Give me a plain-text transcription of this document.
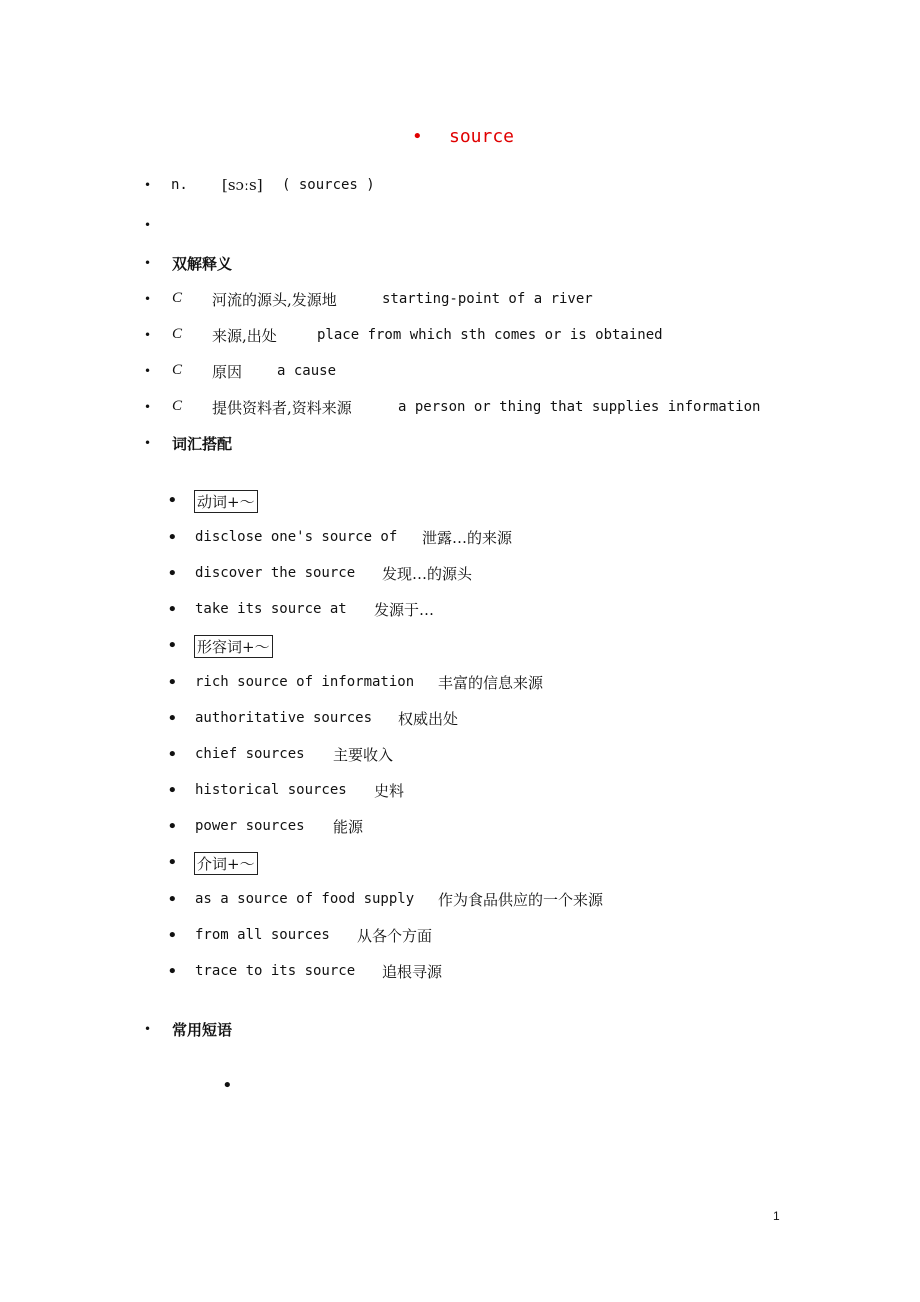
• source
• n. [sɔːs] ( sources )
•
• 双解释义
• C 河流的源头,发源地	starting-point of a river
• C 来源,出处	place from which sth comes or is obtained
• C 原因 a cause
• C 提供资料者,资料来源	a person or thing that supplies information
• 词汇搭配
• 动词+～
• disclose one's source of 泄露…的来源
• discover the source 发现…的源头
• take its source at 发源于…
• 形容词+～
• rich source of information 丰富的信息来源
• authoritative sources 权威出处
• chief sources 主要收入
• historical sources 史料
• power sources 能源
• 介词+～
• as a source of food supply 作为食品供应的一个来源
• from all sources 从各个方面
• trace to its source 追根寻源
• 常用短语
•
1
